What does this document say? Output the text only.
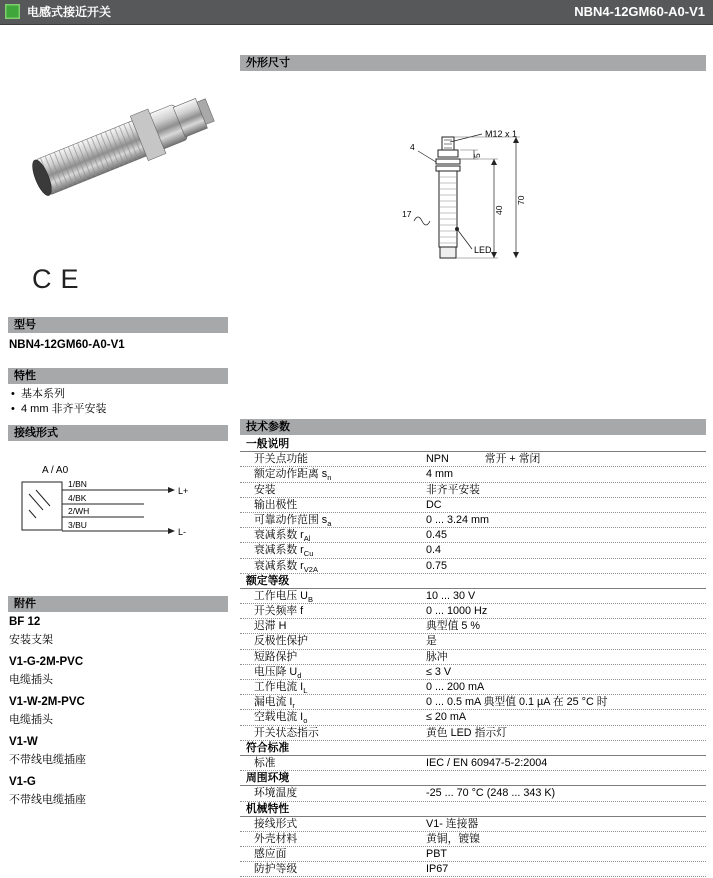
电感式接近开关	NBN4-12GM60-A0-V1
CE
型号
NBN4-12GM60-A0-V1
特性
• 基本系列
• 4 mm 非齐平安装
接线形式
A / A0
1/BN
4/BK
2/WH
3/BU
L+
L-
附件
BF 12
安装支架
V1-G-2M-PVC
电缆插头
V1-W-2M-PVC
电缆插头
V1-W
不带线电缆插座
V1-G
不带线电缆插座
外形尺寸
LED
M12 x 1
5
40
70
4
17
技术参数
一般说明
开关点功能	NPN	常开 + 常闭
额定动作距离 $s_n$	4 mm
安装	非齐平安装
输出极性	DC
可靠动作范围 $s_a$	0 ... 3.24 mm
衰减系数 $r_{Al}$	0.45
衰减系数 $r_{Cu}$	0.4
衰减系数 $r_{V2A}$	0.75
额定等级
工作电压 $U_B$	10 ... 30 V
开关频率 f	0 ... 1000 Hz
迟滞 H	典型值 5 %
反极性保护	是
短路保护	脉冲
电压降 $U_d$	≤ 3 V
工作电流 $I_L$	0 ... 200 mA
漏电流 $I_r$	0 ... 0.5 mA 典型值 0.1 µA 在 25 °C 时
空载电流 $I_o$	≤ 20 mA
开关状态指示	黄色 LED 指示灯
符合标准
标准	IEC / EN 60947-5-2:2004
周围环境
环境温度	-25 ... 70 °C (248 ... 343 K)
机械特性
接线形式	V1- 连接器
外壳材料	黄铜，镀镍
感应面	PBT
防护等级	IP67
